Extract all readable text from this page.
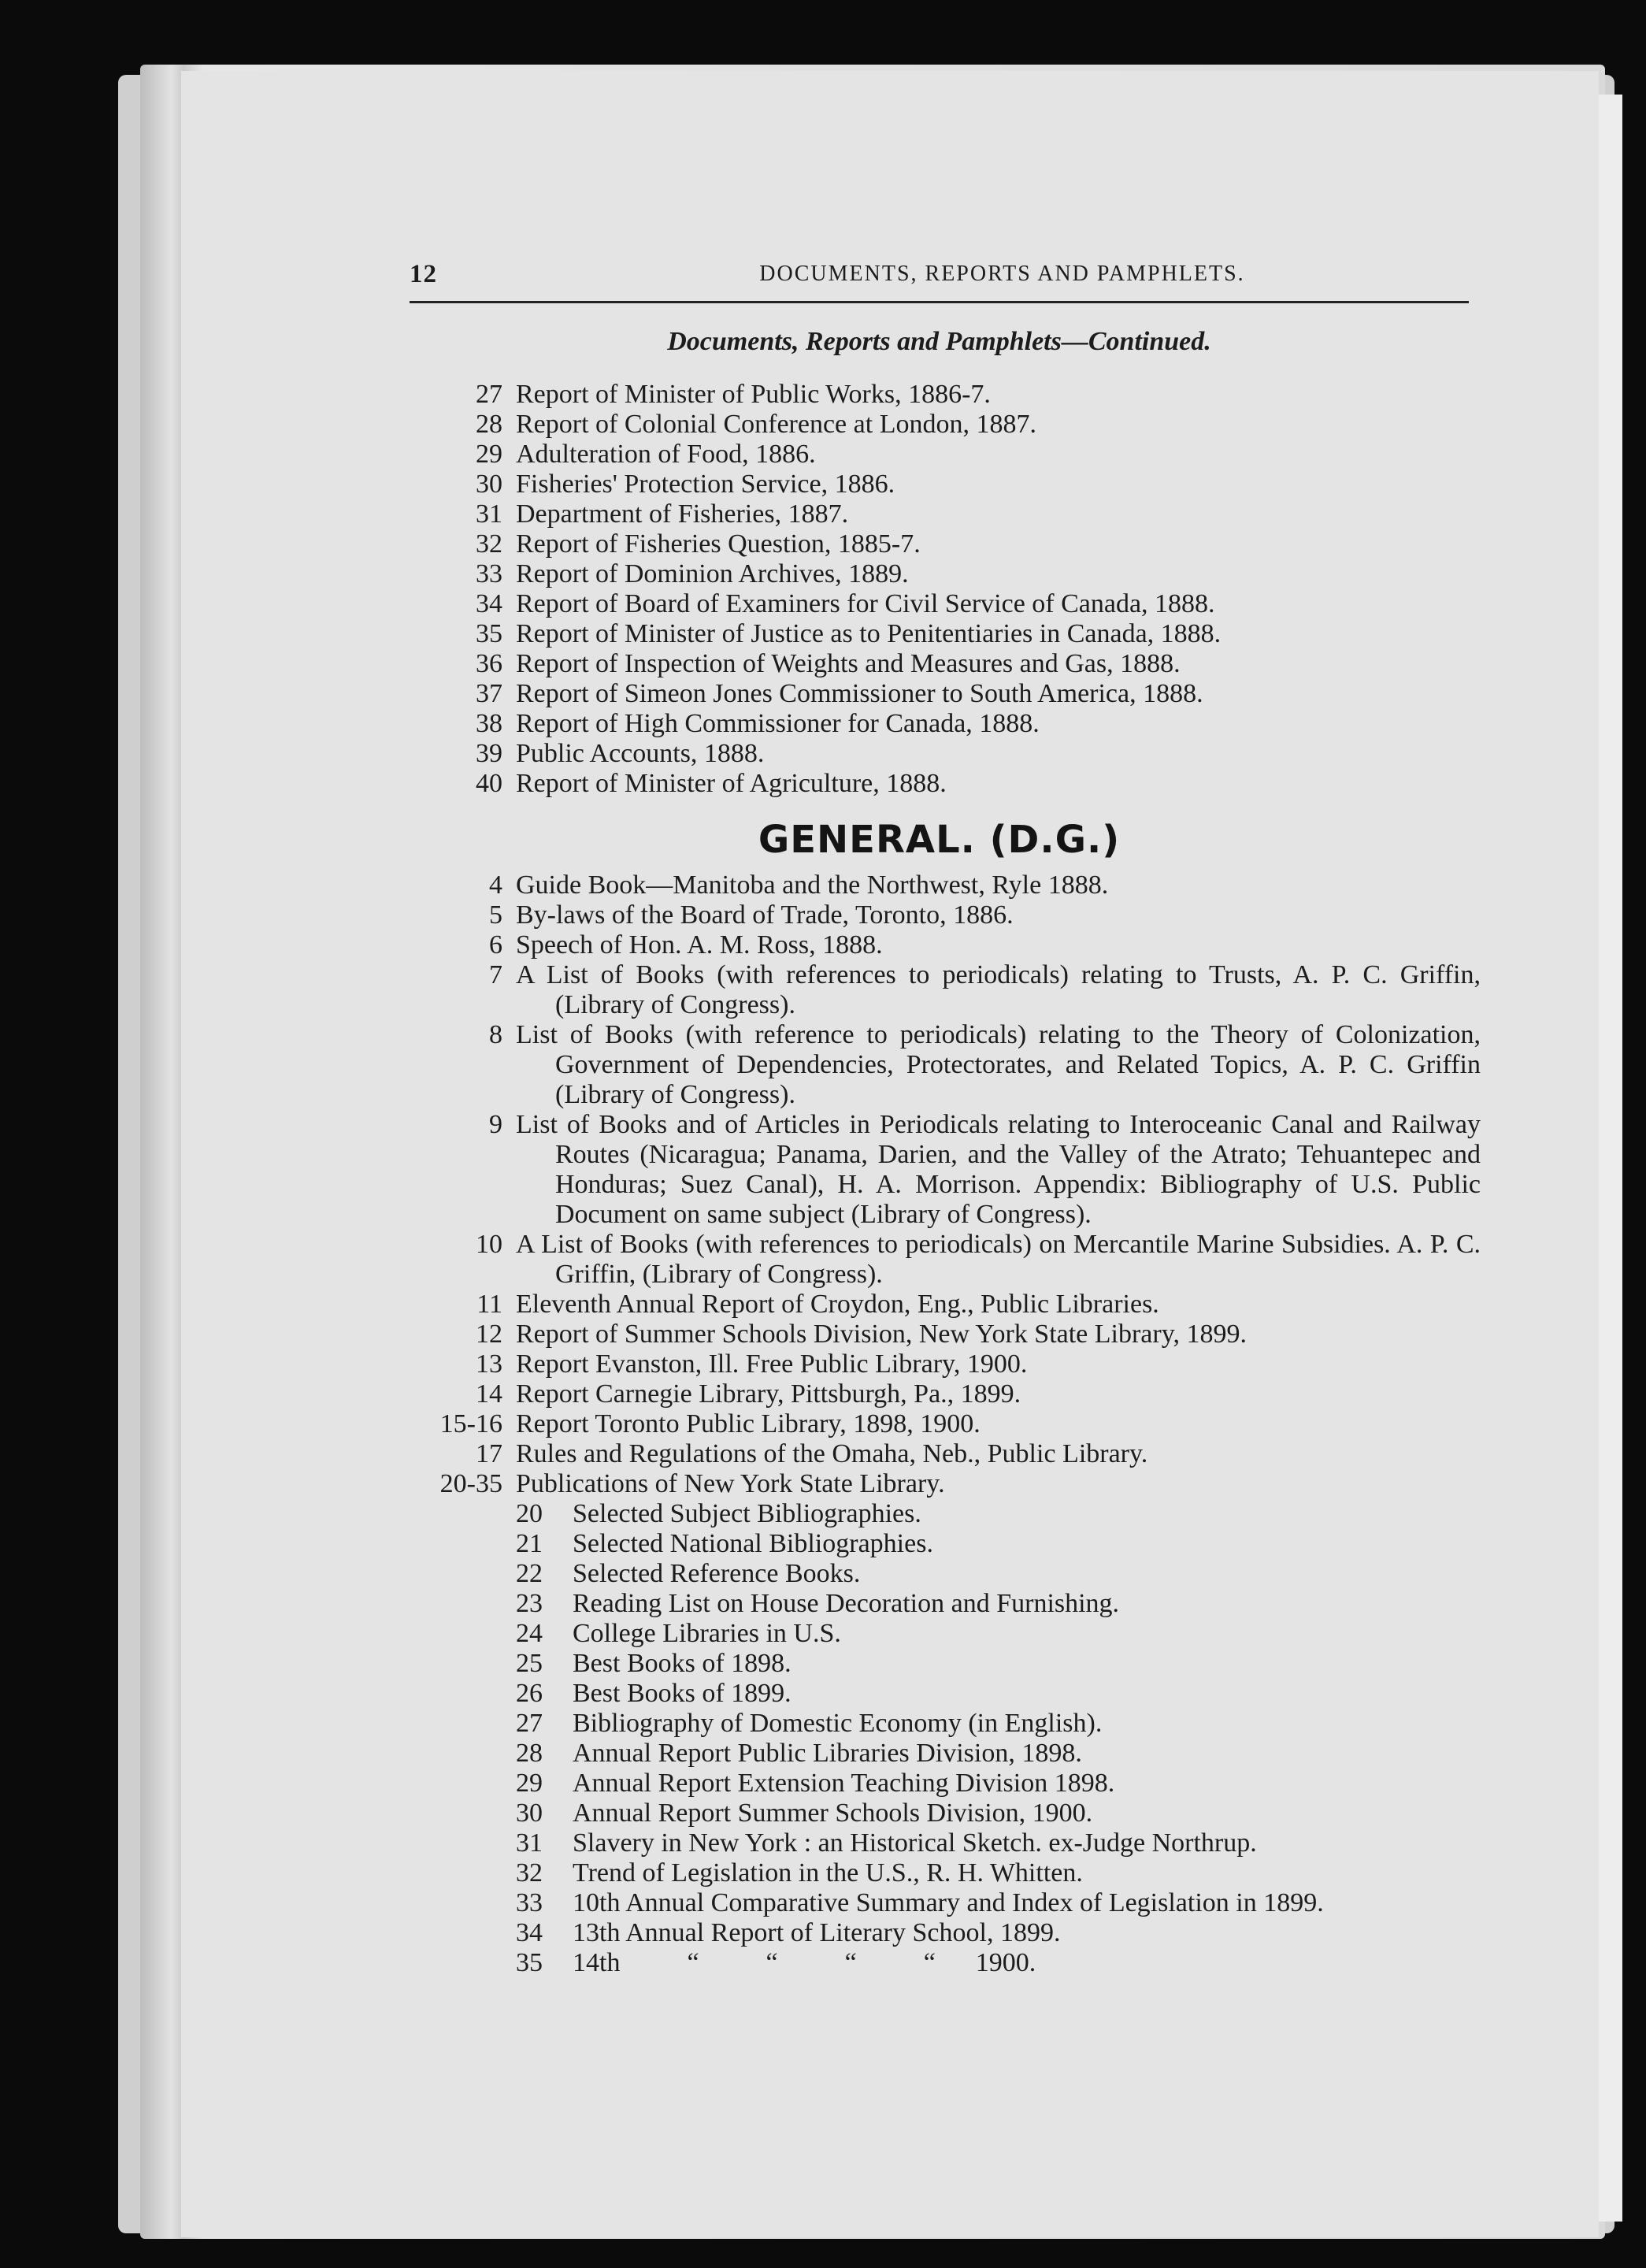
12	DOCUMENTS, REPORTS AND PAMPHLETS.
Documents, Reports and Pamphlets—Continued.
27 Report of Minister of Public Works, 1886-7.
28 Report of Colonial Conference at London, 1887.
29 Adulteration of Food, 1886.
30 Fisheries' Protection Service, 1886.
31 Department of Fisheries, 1887.
32 Report of Fisheries Question, 1885-7.
33 Report of Dominion Archives, 1889.
34 Report of Board of Examiners for Civil Service of Canada, 1888.
35 Report of Minister of Justice as to Penitentiaries in Canada, 1888.
36 Report of Inspection of Weights and Measures and Gas, 1888.
37 Report of Simeon Jones Commissioner to South America, 1888.
38 Report of High Commissioner for Canada, 1888.
39 Public Accounts, 1888.
40 Report of Minister of Agriculture, 1888.
GENERAL. (D.G.)
4 Guide Book—Manitoba and the Northwest, Ryle 1888.
5 By-laws of the Board of Trade, Toronto, 1886.
6 Speech of Hon. A. M. Ross, 1888.
7 A List of Books (with references to periodicals) relating to Trusts, A. P. C. Griffin, (Library of Congress).
8 List of Books (with reference to periodicals) relating to the Theory of Colonization, Government of Dependencies, Protectorates, and Related Topics, A. P. C. Griffin (Library of Congress).
9 List of Books and of Articles in Periodicals relating to Interoceanic Canal and Railway Routes (Nicaragua; Panama, Darien, and the Valley of the Atrato; Tehuantepec and Honduras; Suez Canal), H. A. Morrison. Appendix: Bibliography of U.S. Public Document on same subject (Library of Congress).
10 A List of Books (with references to periodicals) on Mercantile Marine Subsidies. A. P. C. Griffin, (Library of Congress).
11 Eleventh Annual Report of Croydon, Eng., Public Libraries.
12 Report of Summer Schools Division, New York State Library, 1899.
13 Report Evanston, Ill. Free Public Library, 1900.
14 Report Carnegie Library, Pittsburgh, Pa., 1899.
15-16 Report Toronto Public Library, 1898, 1900.
17 Rules and Regulations of the Omaha, Neb., Public Library.
20-35 Publications of New York State Library.
20	Selected Subject Bibliographies.
21	Selected National Bibliographies.
22	Selected Reference Books.
23	Reading List on House Decoration and Furnishing.
24	College Libraries in U.S.
25	Best Books of 1898.
26	Best Books of 1899.
27	Bibliography of Domestic Economy (in English).
28	Annual Report Public Libraries Division, 1898.
29	Annual Report Extension Teaching Division 1898.
30	Annual Report Summer Schools Division, 1900.
31	Slavery in New York : an Historical Sketch. ex-Judge Northrup.
32	Trend of Legislation in the U.S., R. H. Whitten.
33	10th Annual Comparative Summary and Index of Legislation in 1899.
34	13th Annual Report of Literary School, 1899.
35	14th          “          “          “          “      1900.
